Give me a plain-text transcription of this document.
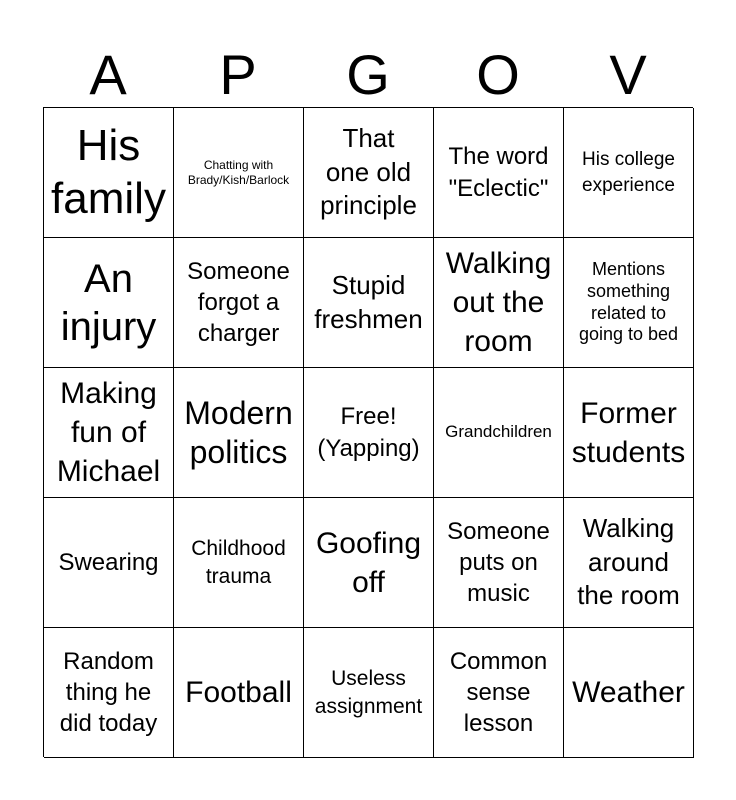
A	P	G	O	V
His
family
Chatting with
Brady/Kish/Barlock
That
one old
principle
The word
"Eclectic"
His college
experience
An
injury
Someone
forgot a
charger
Stupid
freshmen
Walking
out the
room
Mentions
something
related to
going to bed
Making
fun of
Michael
Modern
politics
Free!
(Yapping)
Grandchildren
Former
students
Swearing
Childhood
trauma
Goofing
off
Someone
puts on
music
Walking
around
the room
Random
thing he
did today
Football	Useless
assignment
Common
sense
lesson
Weather
